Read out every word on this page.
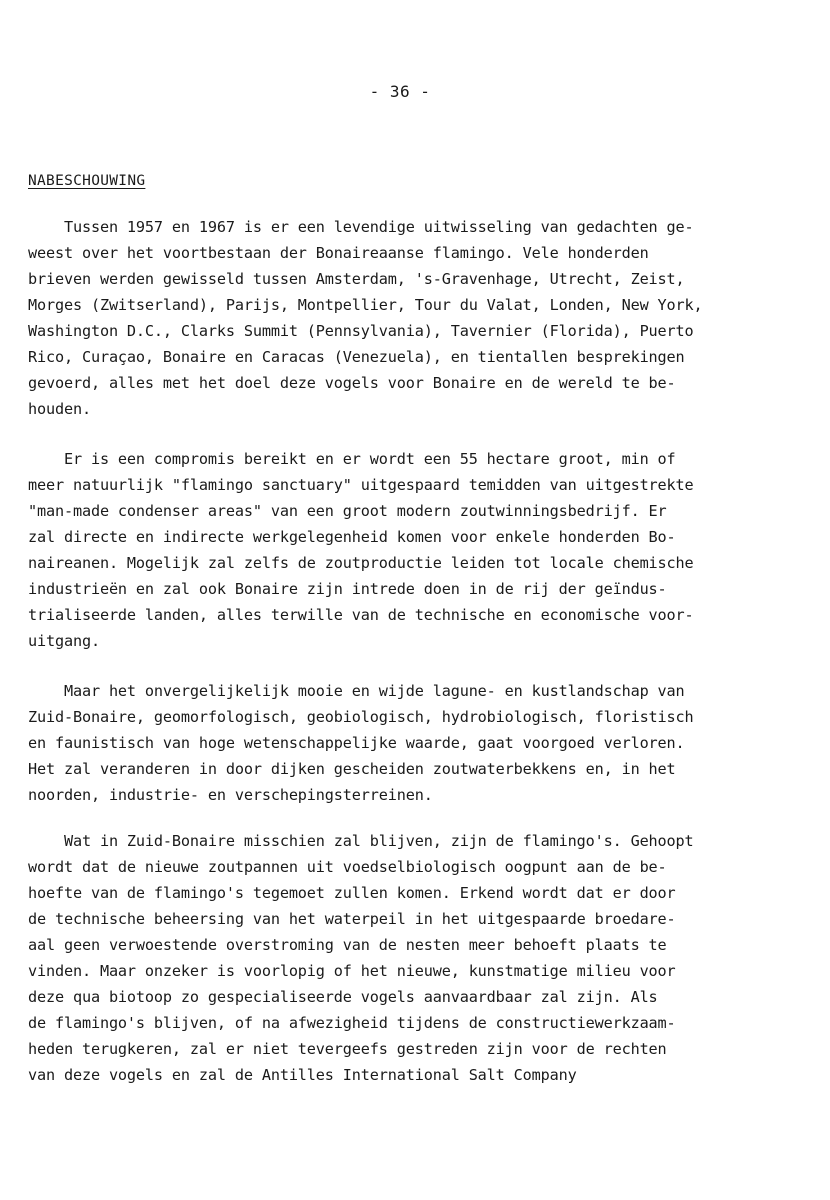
- 36 -
NABESCHOUWING
Tussen 1957 en 1967 is er een levendige uitwisseling van gedachten ge-
weest over het voortbestaan der Bonaireaanse flamingo. Vele honderden
brieven werden gewisseld tussen Amsterdam, 's-Gravenhage, Utrecht, Zeist,
Morges (Zwitserland), Parijs, Montpellier, Tour du Valat, Londen, New York,
Washington D.C., Clarks Summit (Pennsylvania), Tavernier (Florida), Puerto
Rico, Curaçao, Bonaire en Caracas (Venezuela), en tientallen besprekingen
gevoerd, alles met het doel deze vogels voor Bonaire en de wereld te be-
houden.
Er is een compromis bereikt en er wordt een 55 hectare groot, min of
meer natuurlijk "flamingo sanctuary" uitgespaard temidden van uitgestrekte
"man-made condenser areas" van een groot modern zoutwinningsbedrijf. Er
zal directe en indirecte werkgelegenheid komen voor enkele honderden Bo-
naireanen. Mogelijk zal zelfs de zoutproductie leiden tot locale chemische
industrieën en zal ook Bonaire zijn intrede doen in de rij der geïndus-
trialiseerde landen, alles terwille van de technische en economische voor-
uitgang.
Maar het onvergelijkelijk mooie en wijde lagune- en kustlandschap van
Zuid-Bonaire, geomorfologisch, geobiologisch, hydrobiologisch, floristisch
en faunistisch van hoge wetenschappelijke waarde, gaat voorgoed verloren.
Het zal veranderen in door dijken gescheiden zoutwaterbekkens en, in het
noorden, industrie- en verschepingsterreinen.
Wat in Zuid-Bonaire misschien zal blijven, zijn de flamingo's. Gehoopt
wordt dat de nieuwe zoutpannen uit voedselbiologisch oogpunt aan de be-
hoefte van de flamingo's tegemoet zullen komen. Erkend wordt dat er door
de technische beheersing van het waterpeil in het uitgespaarde broedare-
aal geen verwoestende overstroming van de nesten meer behoeft plaats te
vinden. Maar onzeker is voorlopig of het nieuwe, kunstmatige milieu voor
deze qua biotoop zo gespecialiseerde vogels aanvaardbaar zal zijn. Als
de flamingo's blijven, of na afwezigheid tijdens de constructiewerkzaam-
heden terugkeren, zal er niet tevergeefs gestreden zijn voor de rechten
van deze vogels en zal de Antilles International Salt Company
